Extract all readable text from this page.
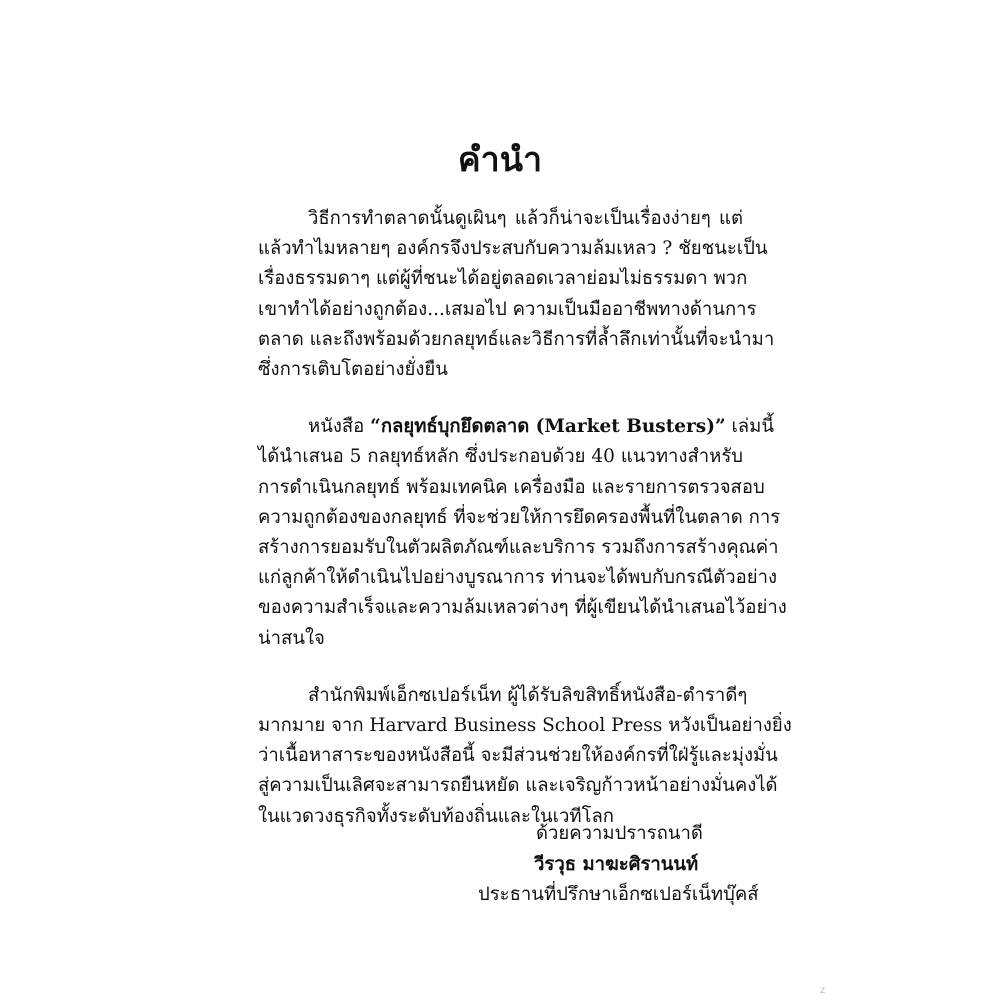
คำนำ

วิธีการทำตลาดนั้นดูเผินๆ แล้วก็น่าจะเป็นเรื่องง่ายๆ แต่
แล้วทำไมหลายๆ องค์กรจึงประสบกับความล้มเหลว ? ชัยชนะเป็น
เรื่องธรรมดาๆ แต่ผู้ที่ชนะได้อยู่ตลอดเวลาย่อมไม่ธรรมดา พวก
เขาทำได้อย่างถูกต้อง...เสมอไป ความเป็นมืออาชีพทางด้านการ
ตลาด และถึงพร้อมด้วยกลยุทธ์และวิธีการที่ล้ำลึกเท่านั้นที่จะนำมา
ซึ่งการเติบโตอย่างยั่งยืน

หนังสือ “กลยุทธ์บุกยึดตลาด (Market Busters)” เล่มนี้
ได้นำเสนอ 5 กลยุทธ์หลัก ซึ่งประกอบด้วย 40 แนวทางสำหรับ
การดำเนินกลยุทธ์ พร้อมเทคนิค เครื่องมือ และรายการตรวจสอบ
ความถูกต้องของกลยุทธ์ ที่จะช่วยให้การยึดครองพื้นที่ในตลาด การ
สร้างการยอมรับในตัวผลิตภัณฑ์และบริการ รวมถึงการสร้างคุณค่า
แก่ลูกค้าให้ดำเนินไปอย่างบูรณาการ ท่านจะได้พบกับกรณีตัวอย่าง
ของความสำเร็จและความล้มเหลวต่างๆ ที่ผู้เขียนได้นำเสนอไว้อย่าง
น่าสนใจ

สำนักพิมพ์เอ็กซเปอร์เน็ท ผู้ได้รับลิขสิทธิ์หนังสือ-ตำราดีๆ
มากมาย จาก Harvard Business School Press หวังเป็นอย่างยิ่ง
ว่าเนื้อหาสาระของหนังสือนี้ จะมีส่วนช่วยให้องค์กรที่ใฝ่รู้และมุ่งมั่น
สู่ความเป็นเลิศจะสามารถยืนหยัด และเจริญก้าวหน้าอย่างมั่นคงได้
ในแวดวงธุรกิจทั้งระดับท้องถิ่นและในเวทีโลก

ด้วยความปรารถนาดี
วีรวุธ มาฆะศิรานนท์
ประธานที่ปรึกษาเอ็กซเปอร์เน็ทบุ๊คส์
z
